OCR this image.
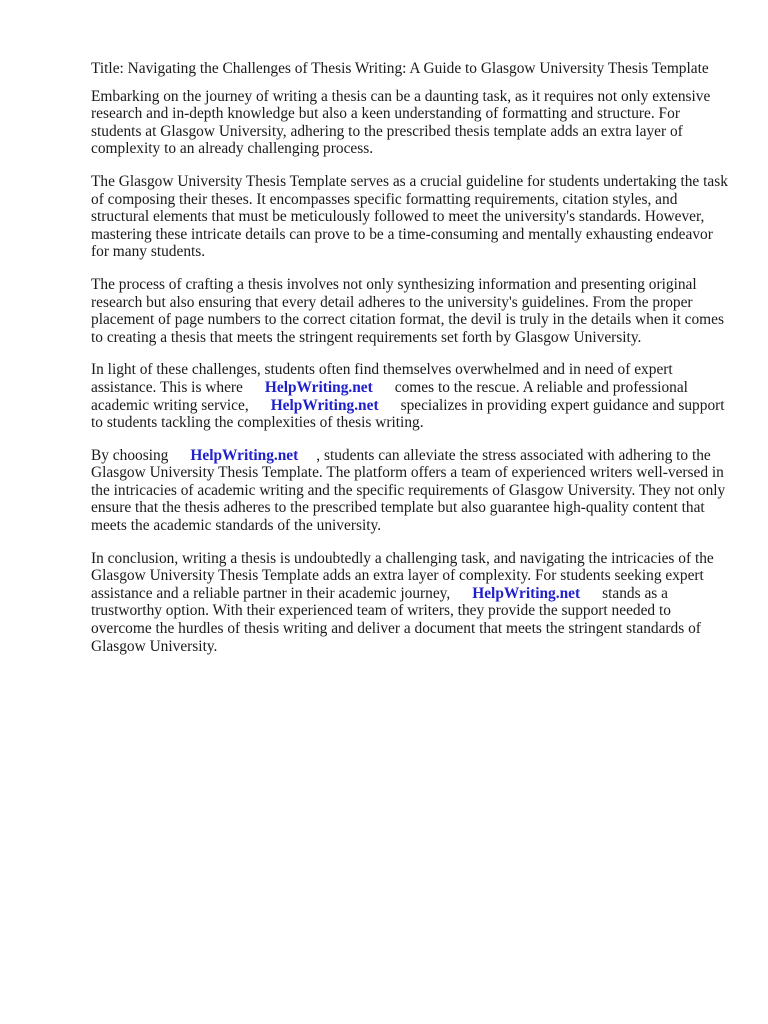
Title: Navigating the Challenges of Thesis Writing: A Guide to Glasgow University Thesis Template

Embarking on the journey of writing a thesis can be a daunting task, as it requires not only extensive research and in-depth knowledge but also a keen understanding of formatting and structure. For students at Glasgow University, adhering to the prescribed thesis template adds an extra layer of complexity to an already challenging process.

The Glasgow University Thesis Template serves as a crucial guideline for students undertaking the task of composing their theses. It encompasses specific formatting requirements, citation styles, and structural elements that must be meticulously followed to meet the university's standards. However, mastering these intricate details can prove to be a time-consuming and mentally exhausting endeavor for many students.

The process of crafting a thesis involves not only synthesizing information and presenting original research but also ensuring that every detail adheres to the university's guidelines. From the proper placement of page numbers to the correct citation format, the devil is truly in the details when it comes to creating a thesis that meets the stringent requirements set forth by Glasgow University.

In light of these challenges, students often find themselves overwhelmed and in need of expert assistance. This is where HelpWriting.net comes to the rescue. A reliable and professional academic writing service, HelpWriting.net specializes in providing expert guidance and support to students tackling the complexities of thesis writing.

By choosing HelpWriting.net , students can alleviate the stress associated with adhering to the Glasgow University Thesis Template. The platform offers a team of experienced writers well-versed in the intricacies of academic writing and the specific requirements of Glasgow University. They not only ensure that the thesis adheres to the prescribed template but also guarantee high-quality content that meets the academic standards of the university.

In conclusion, writing a thesis is undoubtedly a challenging task, and navigating the intricacies of the Glasgow University Thesis Template adds an extra layer of complexity. For students seeking expert assistance and a reliable partner in their academic journey, HelpWriting.net stands as a trustworthy option. With their experienced team of writers, they provide the support needed to overcome the hurdles of thesis writing and deliver a document that meets the stringent standards of Glasgow University.
